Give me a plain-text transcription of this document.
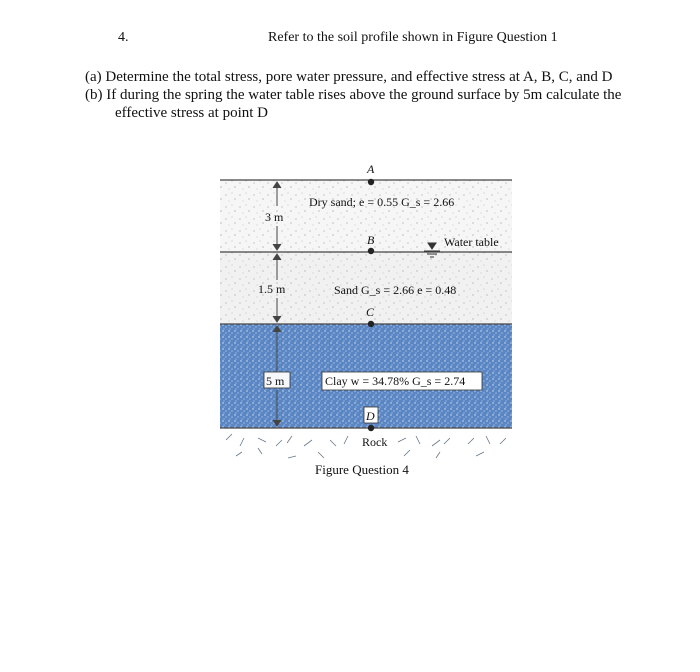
4.	Refer to the soil profile shown in Figure Question 1
(a) Determine the total stress, pore water pressure, and effective stress at A, B, C, and D
(b) If during the spring the water table rises above the ground surface by 5m calculate the
effective stress at point D
A
B
C
D
Dry sand; e = 0.55 G_s = 2.66
Water table
Sand G_s = 2.66 e = 0.48
Clay w = 34.78% G_s = 2.74
Rock
3 m
1.5 m
5 m
Figure Question 4
